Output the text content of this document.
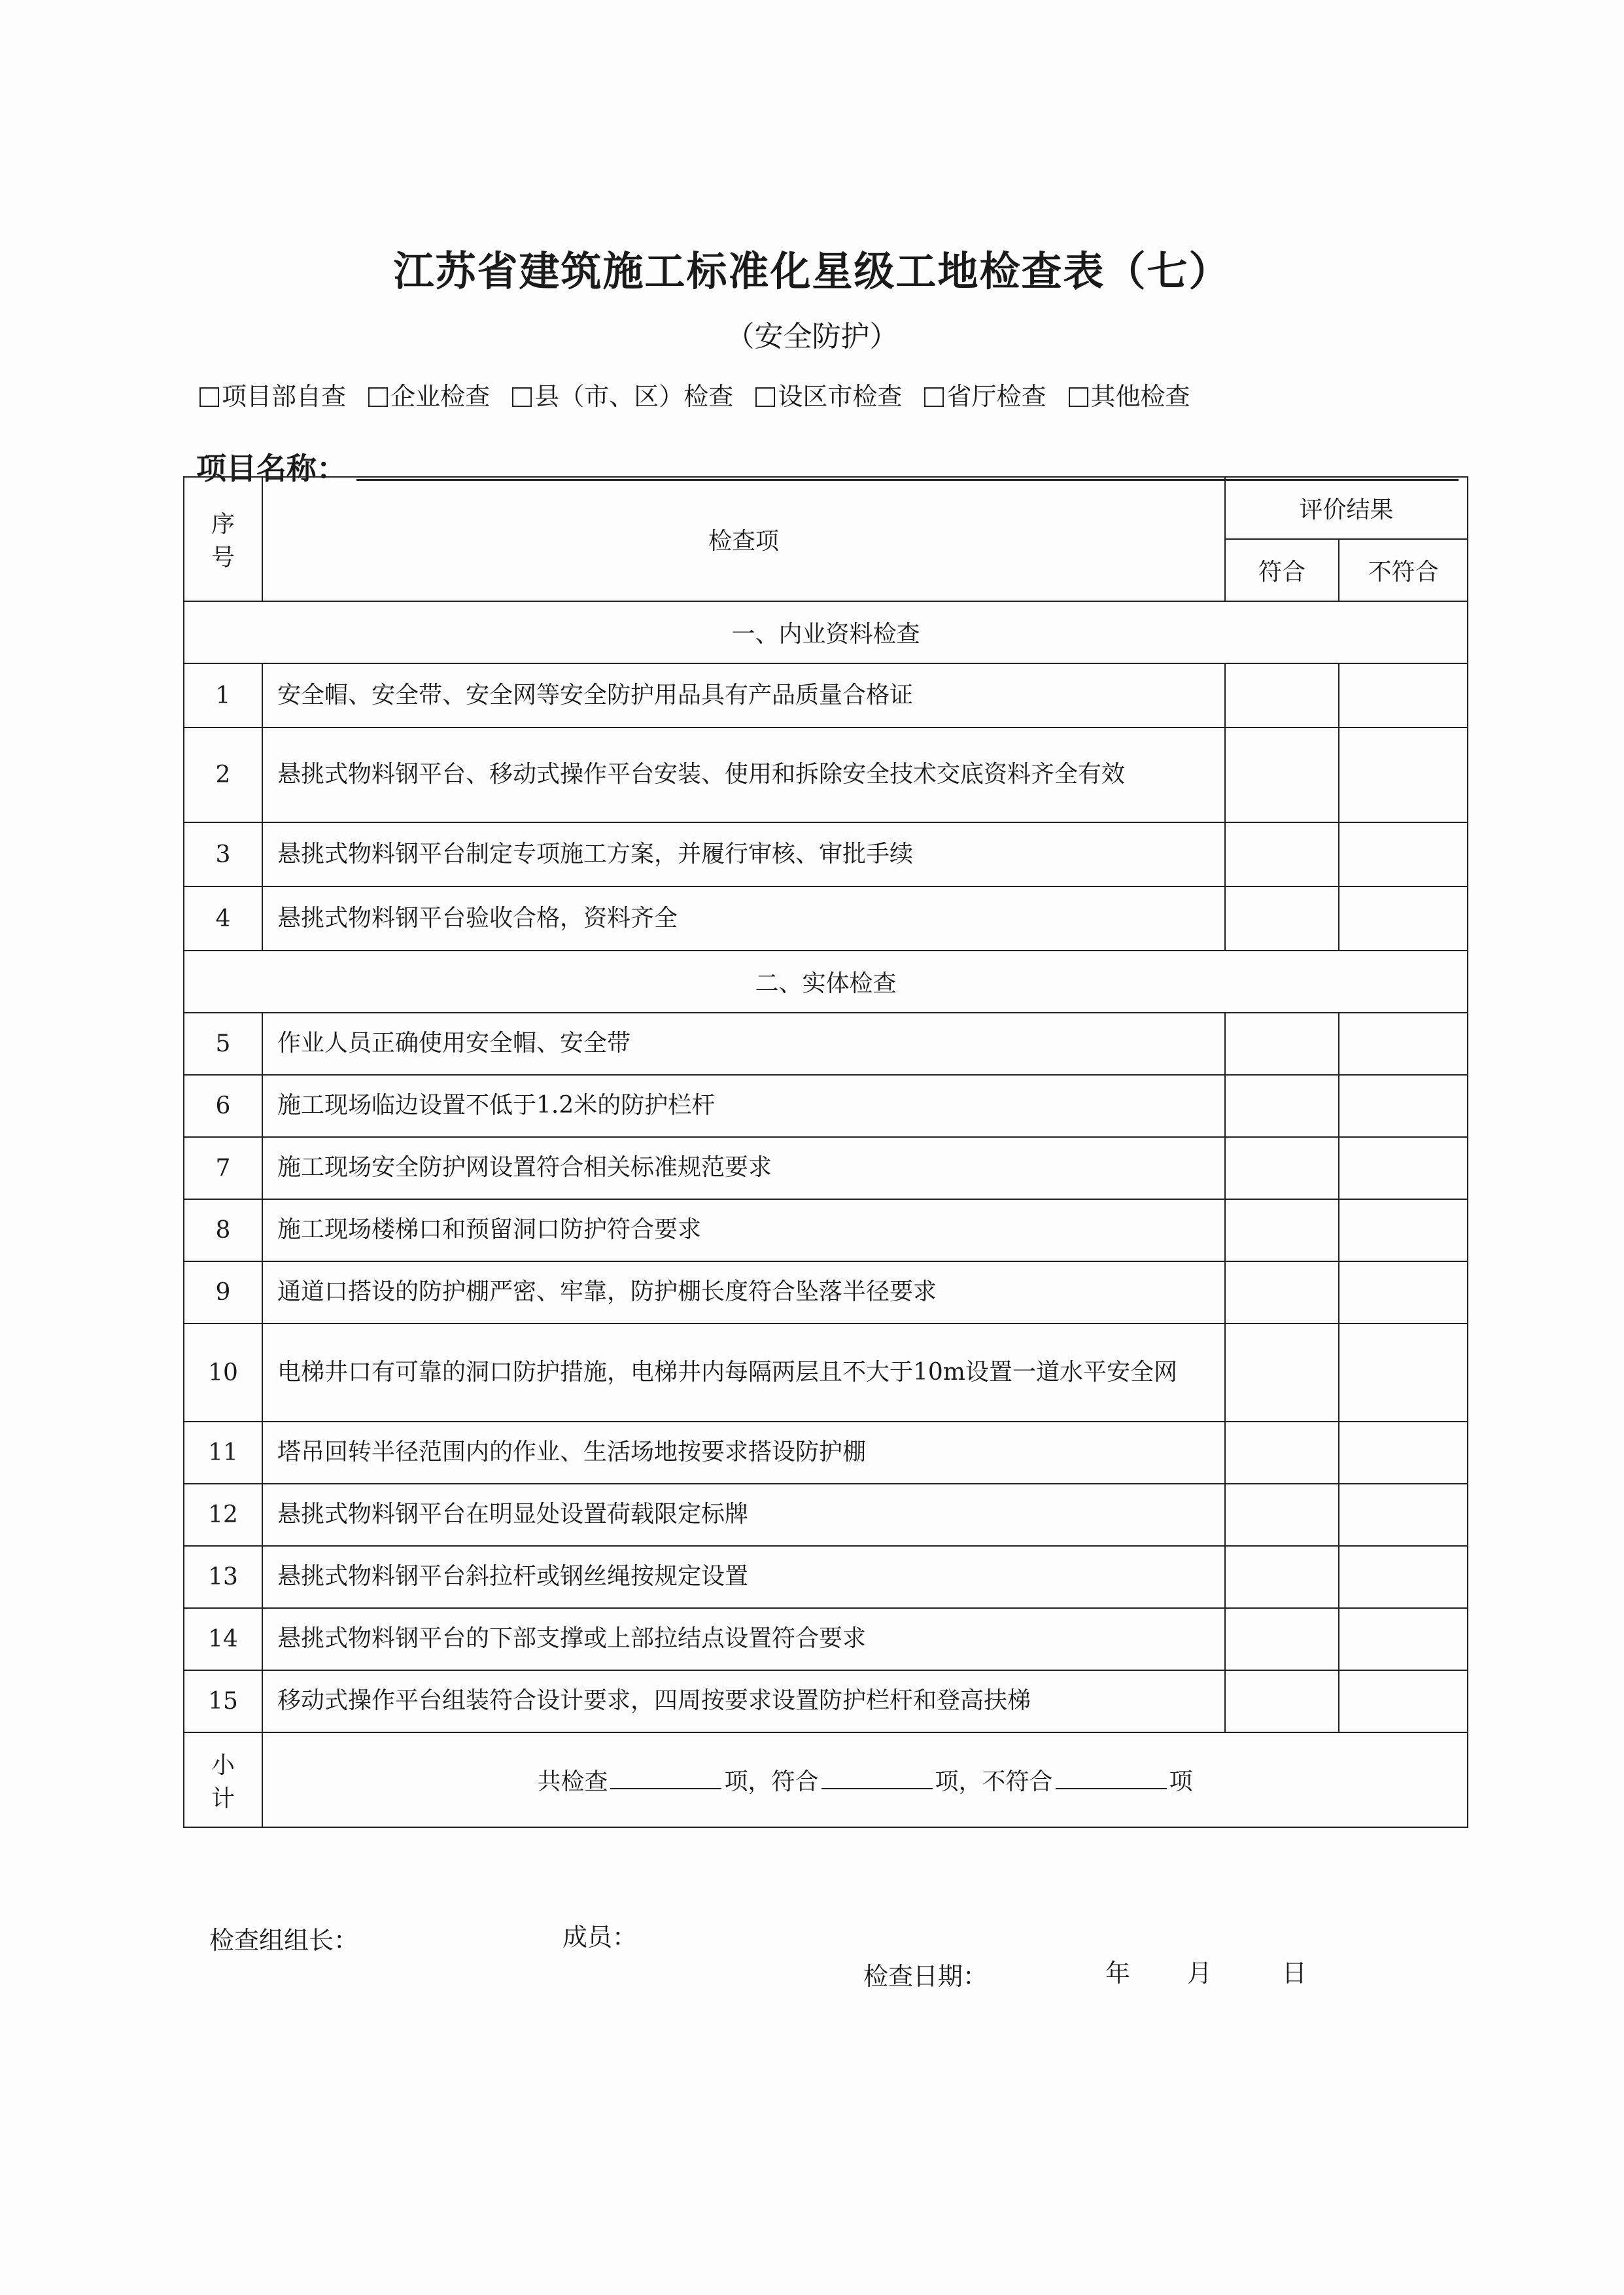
江苏省建筑施工标准化星级工地检查表（七）
（安全防护）
项目部自查 企业检查 县（市、区）检查 设区市检查 省厅检查 其他检查
项目名称：
序
号	检查项	评价结果	
		符合	不符合
一、内业资料检查			
1	安全帽、安全带、安全网等安全防护用品具有产品质量合格证		
2	悬挑式物料钢平台、移动式操作平台安装、使用和拆除安全技术交底资料齐全有效		
3	悬挑式物料钢平台制定专项施工方案，并履行审核、审批手续		
4	悬挑式物料钢平台验收合格，资料齐全		
二、实体检查			
5	作业人员正确使用安全帽、安全带		
6	施工现场临边设置不低于1.2米的防护栏杆		
7	施工现场安全防护网设置符合相关标准规范要求		
8	施工现场楼梯口和预留洞口防护符合要求		
9	通道口搭设的防护棚严密、牢靠，防护棚长度符合坠落半径要求		
10	电梯井口有可靠的洞口防护措施，电梯井内每隔两层且不大于10m设置一道水平安全网		
11	塔吊回转半径范围内的作业、生活场地按要求搭设防护棚		
12	悬挑式物料钢平台在明显处设置荷载限定标牌		
13	悬挑式物料钢平台斜拉杆或钢丝绳按规定设置		
14	悬挑式物料钢平台的下部支撑或上部拉结点设置符合要求		
15	移动式操作平台组装符合设计要求，四周按要求设置防护栏杆和登高扶梯		
小
计	共检查 项，符合 项，不符合 项		
检查组组长：	成员：
检查日期：	年 月	日
